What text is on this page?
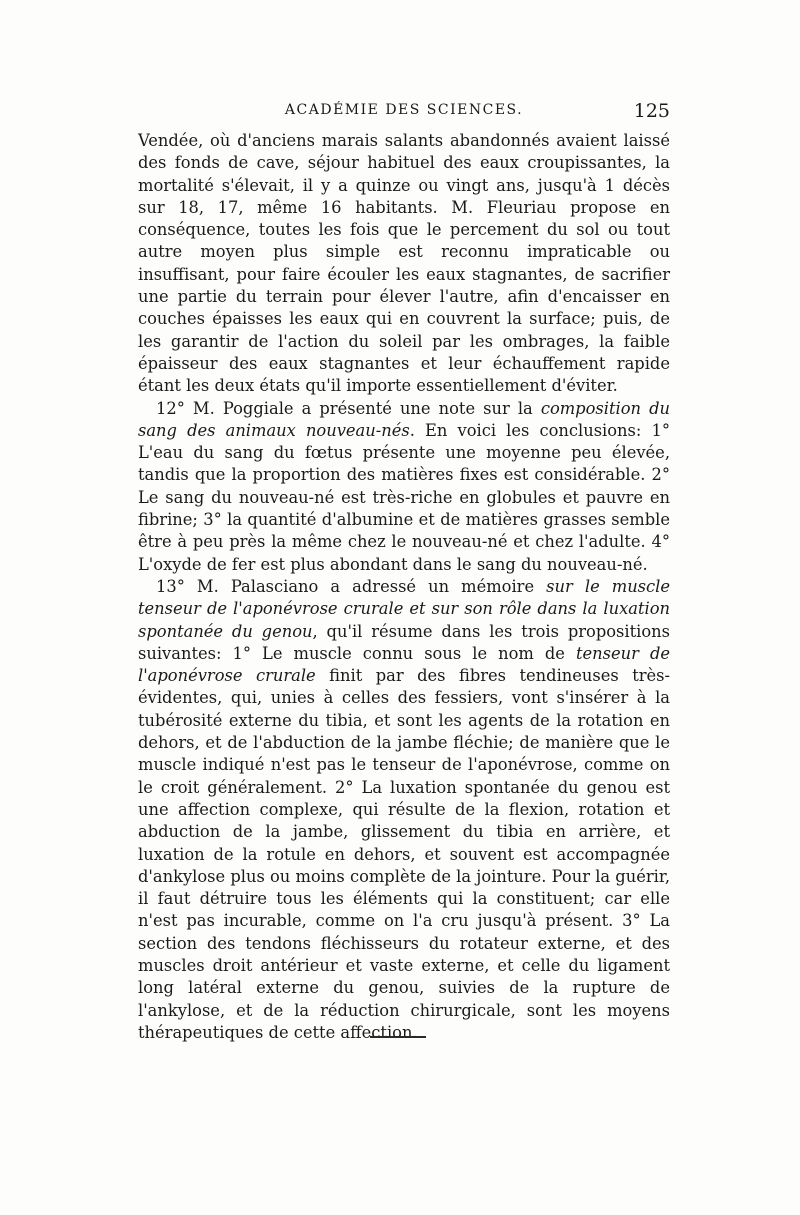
ACADÉMIE DES SCIENCES.	125

Vendée, où d'anciens marais salants abandonnés avaient laissé des fonds de cave, séjour habituel des eaux croupissantes, la mortalité s'élevait, il y a quinze ou vingt ans, jusqu'à 1 décès sur 18, 17, même 16 habitants. M. Fleuriau propose en conséquence, toutes les fois que le percement du sol ou tout autre moyen plus simple est reconnu impraticable ou insuffisant, pour faire écouler les eaux stagnantes, de sacrifier une partie du terrain pour élever l'autre, afin d'encaisser en couches épaisses les eaux qui en couvrent la surface; puis, de les garantir de l'action du soleil par les ombrages, la faible épaisseur des eaux stagnantes et leur échauffement rapide étant les deux états qu'il importe essentiellement d'éviter.

12° M. Poggiale a présenté une note sur la composition du sang des animaux nouveau-nés. En voici les conclusions: 1° L'eau du sang du fœtus présente une moyenne peu élevée, tandis que la proportion des matières fixes est considérable. 2° Le sang du nouveau-né est très-riche en globules et pauvre en fibrine; 3° la quantité d'albumine et de matières grasses semble être à peu près la même chez le nouveau-né et chez l'adulte. 4° L'oxyde de fer est plus abondant dans le sang du nouveau-né.

13° M. Palasciano a adressé un mémoire sur le muscle tenseur de l'aponévrose crurale et sur son rôle dans la luxation spontanée du genou, qu'il résume dans les trois propositions suivantes: 1° Le muscle connu sous le nom de tenseur de l'aponévrose crurale finit par des fibres tendineuses très-évidentes, qui, unies à celles des fessiers, vont s'insérer à la tubérosité externe du tibia, et sont les agents de la rotation en dehors, et de l'abduction de la jambe fléchie; de manière que le muscle indiqué n'est pas le tenseur de l'aponévrose, comme on le croit généralement. 2° La luxation spontanée du genou est une affection complexe, qui résulte de la flexion, rotation et abduction de la jambe, glissement du tibia en arrière, et luxation de la rotule en dehors, et souvent est accompagnée d'ankylose plus ou moins complète de la jointure. Pour la guérir, il faut détruire tous les éléments qui la constituent; car elle n'est pas incurable, comme on l'a cru jusqu'à présent. 3° La section des tendons fléchisseurs du rotateur externe, et des muscles droit antérieur et vaste externe, et celle du ligament long latéral externe du genou, suivies de la rupture de l'ankylose, et de la réduction chirurgicale, sont les moyens thérapeutiques de cette affection.
